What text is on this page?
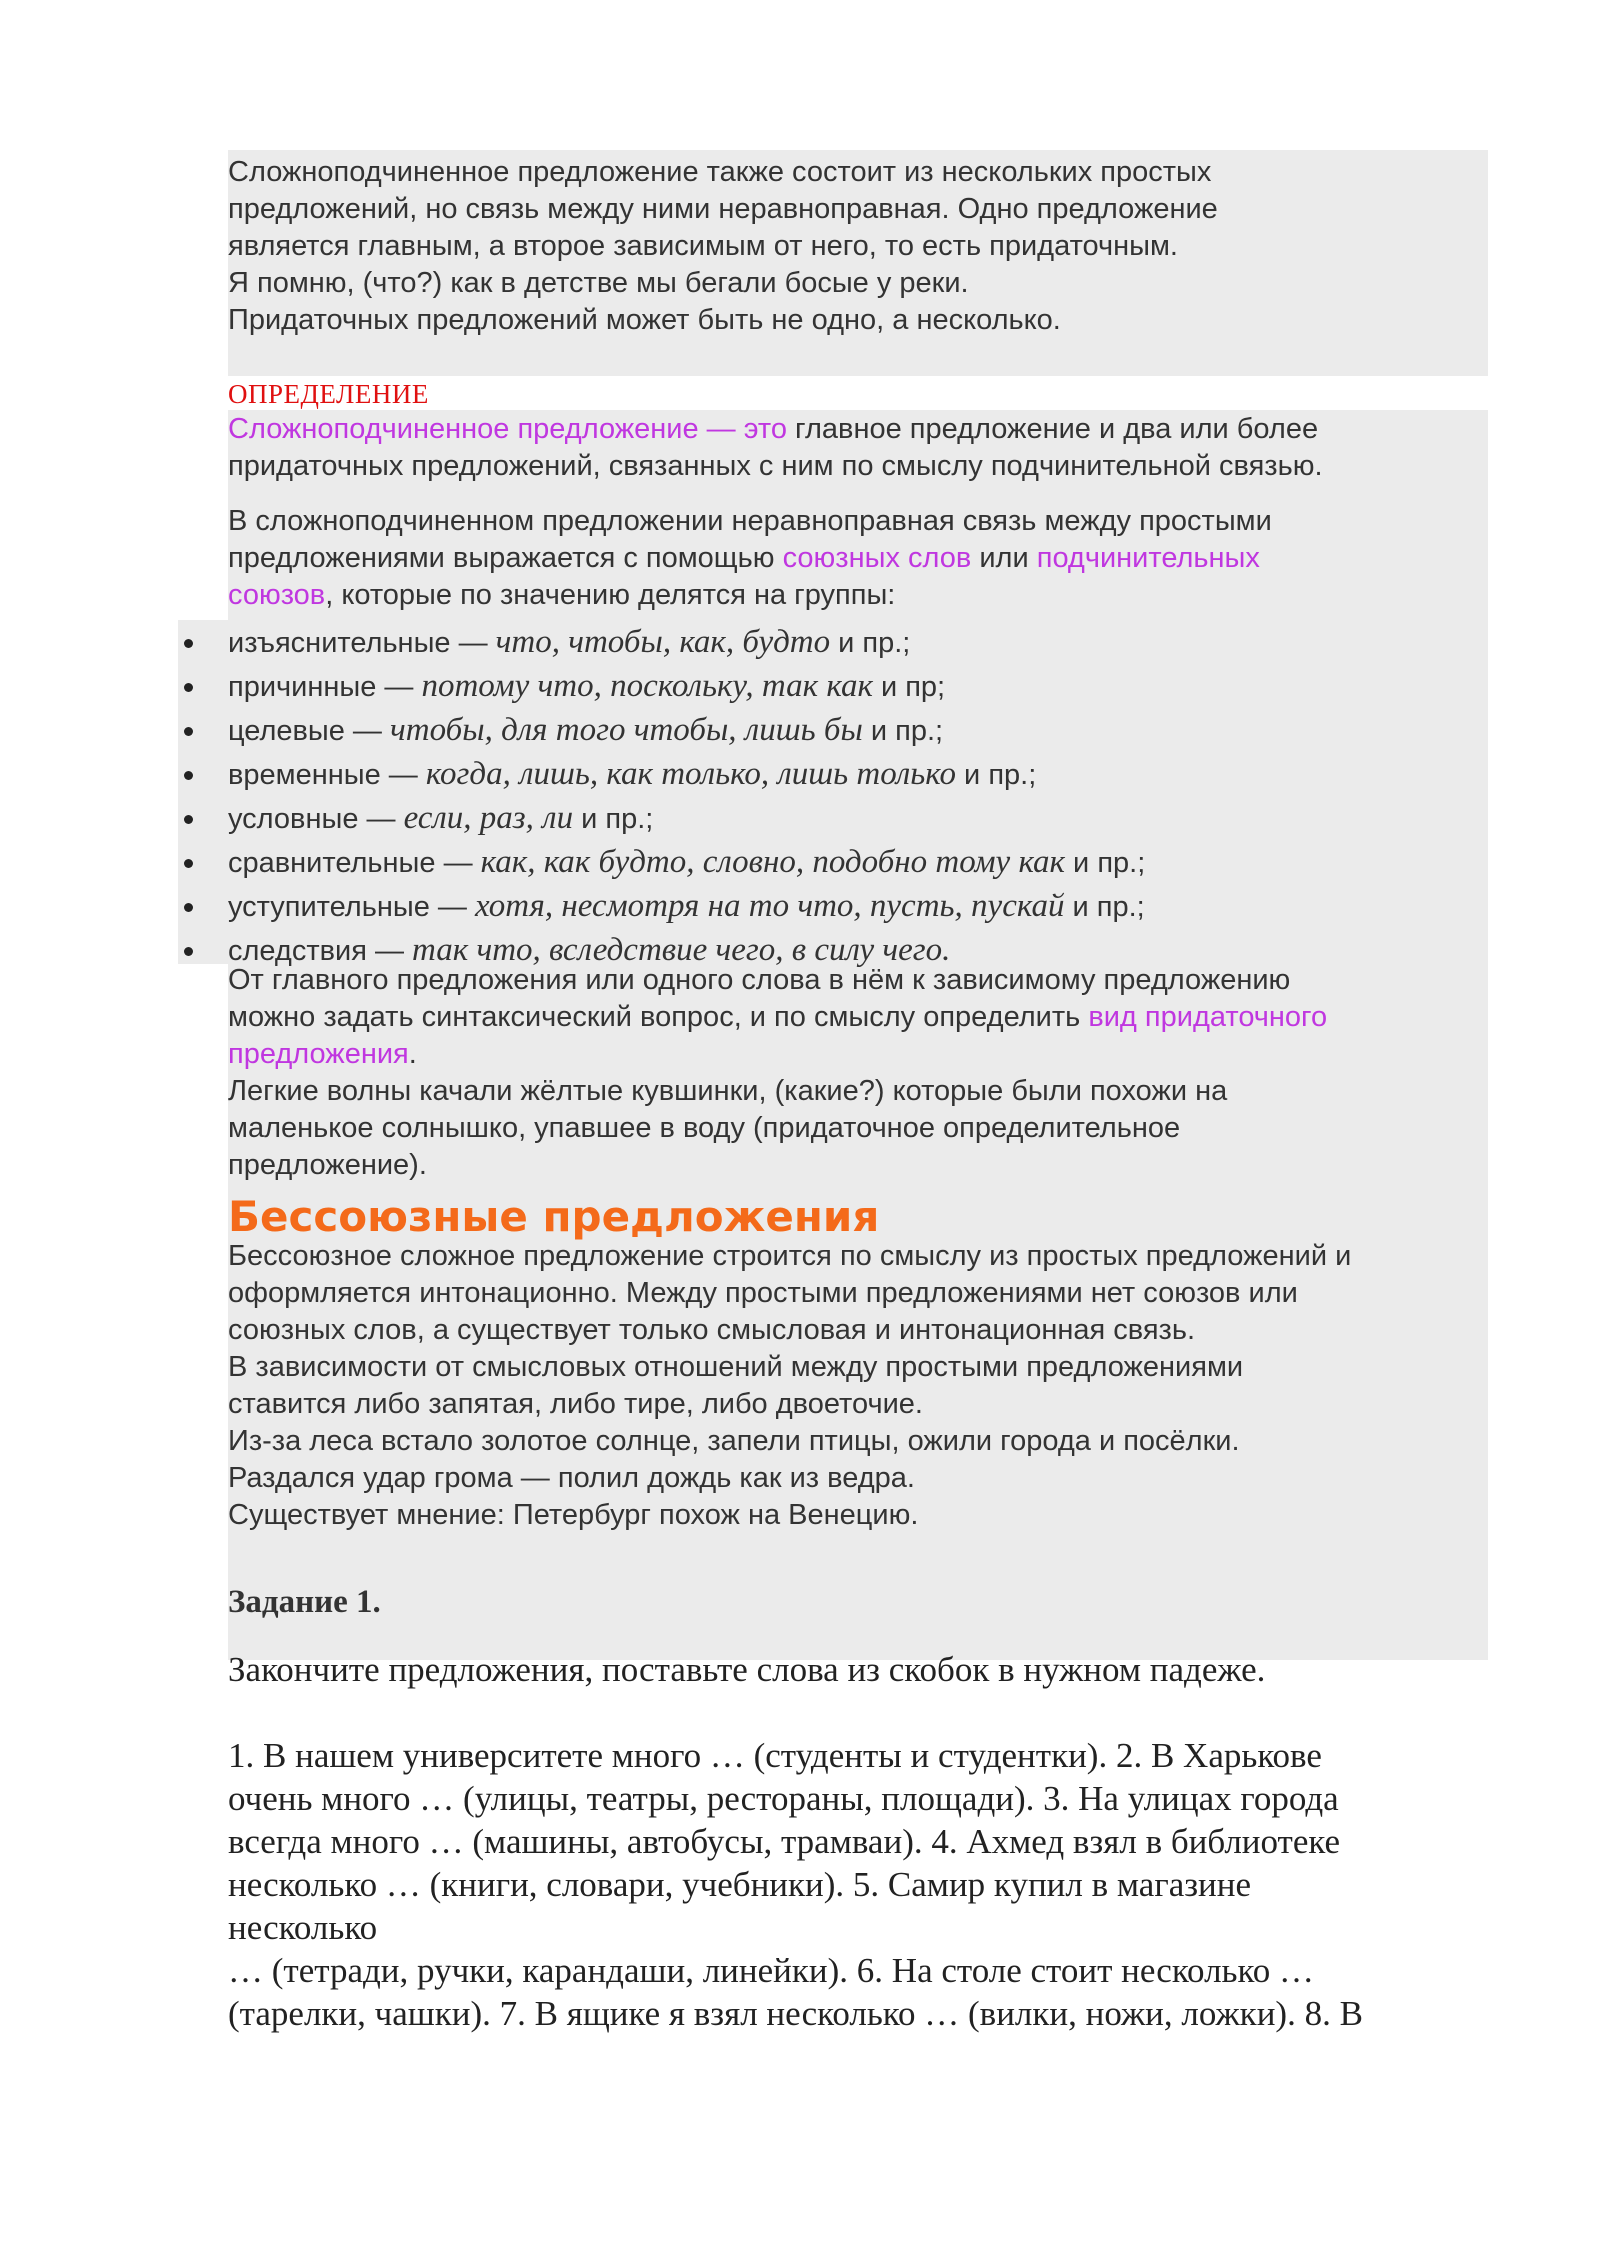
Сложноподчиненное предложение также состоит из нескольких простых
предложений, но связь между ними неравноправная. Одно предложение
является главным, а второе зависимым от него, то есть придаточным.
Я помню, (что?) как в детстве мы бегали босые у реки.
Придаточных предложений может быть не одно, а несколько.
ОПРЕДЕЛЕНИЕ
Сложноподчиненное предложение — это главное предложение и два или более
придаточных предложений, связанных с ним по смыслу подчинительной связью.
В сложноподчиненном предложении неравноправная связь между простыми
предложениями выражается с помощью союзных слов или подчинительных
союзов, которые по значению делятся на группы:
изъяснительные — что, чтобы, как, будто и пр.;
причинные — потому что, поскольку, так как и пр;
целевые — чтобы, для того чтобы, лишь бы и пр.;
временные — когда, лишь, как только, лишь только и пр.;
условные — если, раз, ли и пр.;
сравнительные — как, как будто, словно, подобно тому как и пр.;
уступительные — хотя, несмотря на то что, пусть, пускай и пр.;
следствия — так что, вследствие чего, в силу чего.
От главного предложения или одного слова в нём к зависимому предложению
можно задать синтаксический вопрос, и по смыслу определить вид придаточного
предложения.
Легкие волны качали жёлтые кувшинки, (какие?) которые были похожи на
маленькое солнышко, упавшее в воду (придаточное определительное
предложение).
Бессоюзные предложения
Бессоюзное сложное предложение строится по смыслу из простых предложений и
оформляется интонационно. Между простыми предложениями нет союзов или
союзных слов, а существует только смысловая и интонационная связь.
В зависимости от смысловых отношений между простыми предложениями
ставится либо запятая, либо тире, либо двоеточие.
Из-за леса встало золотое солнце, запели птицы, ожили города и посёлки.
Раздался удар грома — полил дождь как из ведра.
Существует мнение: Петербург похож на Венецию.
Задание 1.
Закончите предложения, поставьте слова из скобок в нужном падеже.
1. В нашем университете много … (студенты и студентки). 2. В Харькове
очень много … (улицы, театры, рестораны, площади). 3. На улицах города
всегда много … (машины, автобусы, трамваи). 4. Ахмед взял в библиотеке
несколько … (книги, словари, учебники). 5. Самир купил в магазине
несколько
… (тетради, ручки, карандаши, линейки). 6. На столе стоит несколько …
(тарелки, чашки). 7. В ящике я взял несколько … (вилки, ножи, ложки). 8. В
